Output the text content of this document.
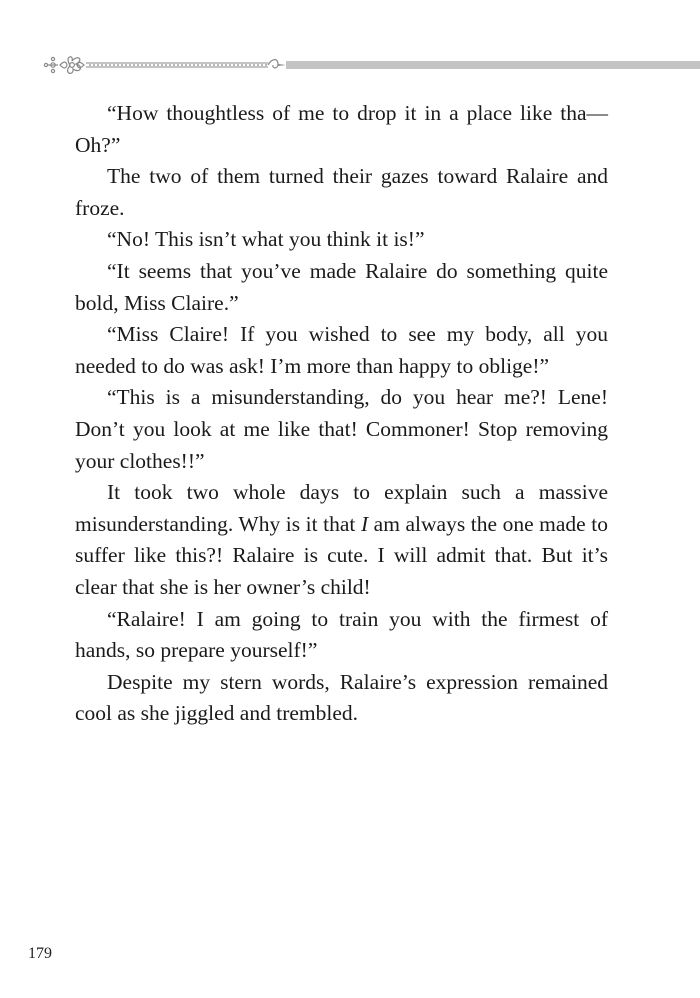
“How thoughtless of me to drop it in a place like tha—Oh?”

The two of them turned their gazes toward Ralaire and froze.

“No! This isn’t what you think it is!”

“It seems that you’ve made Ralaire do something quite bold, Miss Claire.”

“Miss Claire! If you wished to see my body, all you needed to do was ask! I’m more than happy to oblige!”

“This is a misunderstanding, do you hear me?! Lene! Don’t you look at me like that! Commoner! Stop removing your clothes!!”

It took two whole days to explain such a massive misunderstanding. Why is it that I am always the one made to suffer like this?! Ralaire is cute. I will admit that. But it’s clear that she is her owner’s child!

“Ralaire! I am going to train you with the firmest of hands, so prepare yourself!”

Despite my stern words, Ralaire’s expression remained cool as she jiggled and trembled.

179
